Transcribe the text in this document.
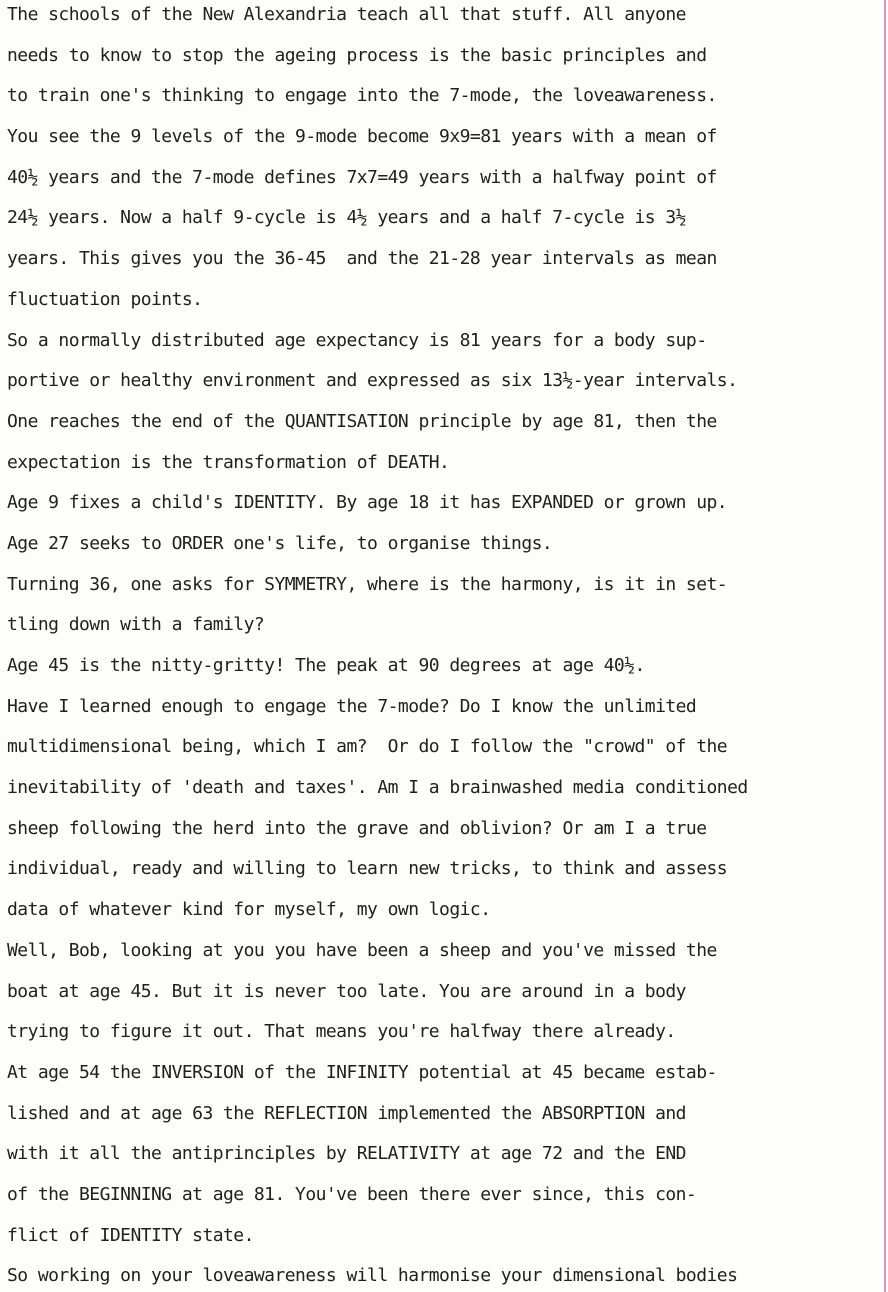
The schools of the New Alexandria teach all that stuff. All anyone
needs to know to stop the ageing process is the basic principles and
to train one's thinking to engage into the 7-mode, the loveawareness.
You see the 9 levels of the 9-mode become 9x9=81 years with a mean of
40½ years and the 7-mode defines 7x7=49 years with a halfway point of
24½ years. Now a half 9-cycle is 4½ years and a half 7-cycle is 3½
years. This gives you the 36-45  and the 21-28 year intervals as mean
fluctuation points.
So a normally distributed age expectancy is 81 years for a body sup-
portive or healthy environment and expressed as six 13½-year intervals.
One reaches the end of the QUANTISATION principle by age 81, then the
expectation is the transformation of DEATH.
Age 9 fixes a child's IDENTITY. By age 18 it has EXPANDED or grown up.
Age 27 seeks to ORDER one's life, to organise things.
Turning 36, one asks for SYMMETRY, where is the harmony, is it in set-
tling down with a family?
Age 45 is the nitty-gritty! The peak at 90 degrees at age 40½.
Have I learned enough to engage the 7-mode? Do I know the unlimited
multidimensional being, which I am?  Or do I follow the "crowd" of the
inevitability of 'death and taxes'. Am I a brainwashed media conditioned
sheep following the herd into the grave and oblivion? Or am I a true
individual, ready and willing to learn new tricks, to think and assess
data of whatever kind for myself, my own logic.
Well, Bob, looking at you you have been a sheep and you've missed the
boat at age 45. But it is never too late. You are around in a body
trying to figure it out. That means you're halfway there already.
At age 54 the INVERSION of the INFINITY potential at 45 became estab-
lished and at age 63 the REFLECTION implemented the ABSORPTION and
with it all the antiprinciples by RELATIVITY at age 72 and the END
of the BEGINNING at age 81. You've been there ever since, this con-
flict of IDENTITY state.
So working on your loveawareness will harmonise your dimensional bodies
